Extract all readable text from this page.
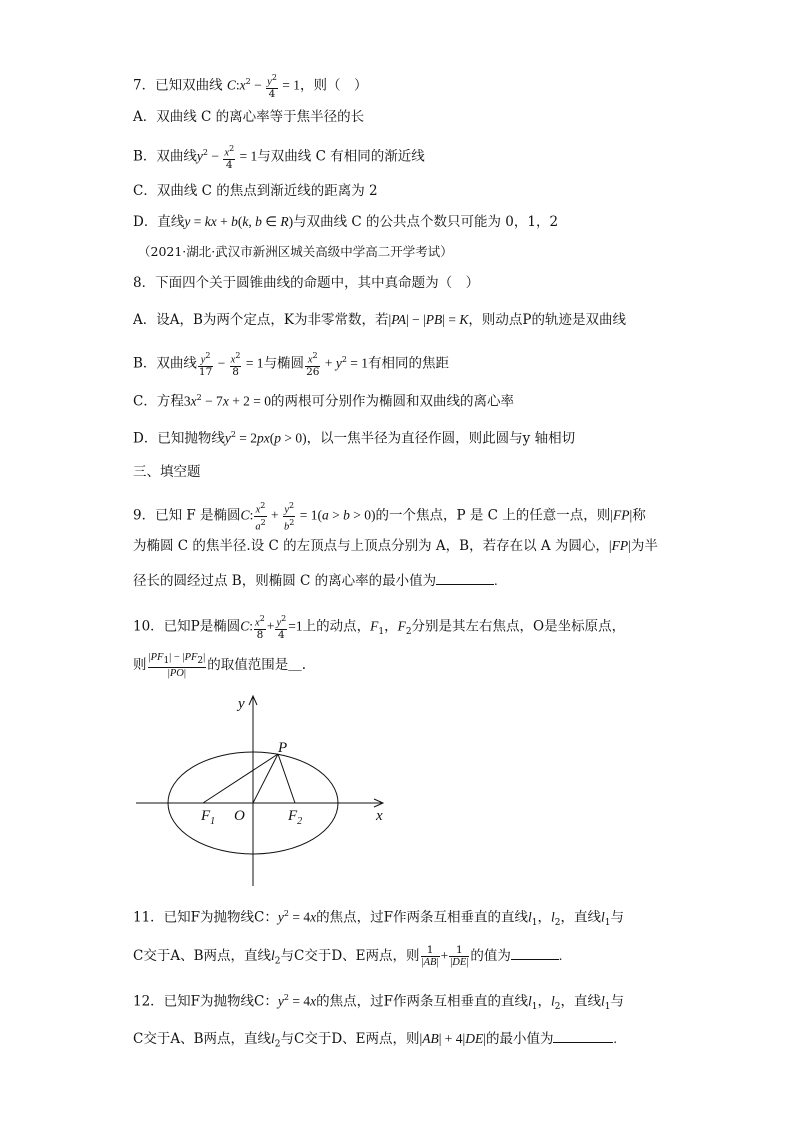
7．已知双曲线 $C:x^2 - \frac{y^2}{4} = 1$，则（　）
A．双曲线 C 的离心率等于焦半径的长
B．双曲线$y^2 - \frac{x^2}{4} = 1$与双曲线 C 有相同的渐近线
C．双曲线 C 的焦点到渐近线的距离为 2
D．直线y = kx + b(k, b ∈ R)与双曲线 C 的公共点个数只可能为 0，1，2
（2021·湖北·武汉市新洲区城关高级中学高二开学考试）
8．下面四个关于圆锥曲线的命题中，其中真命题为（　）
A．设A，B为两个定点，K为非零常数，若|PA| − |PB| = K，则动点P的轨迹是双曲线
B．双曲线 $\frac{y^2}{17} - \frac{x^2}{8} = 1$与椭圆 $\frac{x^2}{26} + y^2 = 1$有相同的焦距
C．方程$3x^2 - 7x + 2 = 0$的两根可分别作为椭圆和双曲线的离心率
D．已知抛物线$y^2 = 2px(p > 0)$，以一焦半径为直径作圆，则此圆与y 轴相切
三、填空题
9．已知 F 是椭圆C: $\frac{x^2}{a^2} + \frac{y^2}{b^2} = 1(a > b > 0)$的一个焦点，P 是 C 上的任意一点，则|FP|称
为椭圆 C 的焦半径.设 C 的左顶点与上顶点分别为 A，B，若存在以 A 为圆心，|FP|为半
径长的圆经过点 B，则椭圆 C 的离心率的最小值为	.
10．已知P是椭圆C: $\frac{x^2}{8} + \frac{y^2}{4} =1$上的动点，$F_1$，$F_2$分别是其左右焦点，O是坐标原点，
则 $\frac{|PF_1| - |PF_2|}{|PO|}$ 的取值范围是＿.
y
P
$F_1$ O	$F_2$	x
11．已知F为抛物线C：$y^2 = 4x$的焦点，过F作两条互相垂直的直线$l_1$，$l_2$，直线$l_1$与
C交于A、B两点，直线$l_2$与C交于D、E两点，则 $\frac{1}{|AB|} + \frac{1}{|DE|}$ 的值为	.
12．已知F为抛物线C：$y^2 = 4x$的焦点，过F作两条互相垂直的直线$l_1$，$l_2$，直线$l_1$与
C交于A、B两点，直线$l_2$与C交于D、E两点，则|AB| + 4|DE|的最小值为	.
